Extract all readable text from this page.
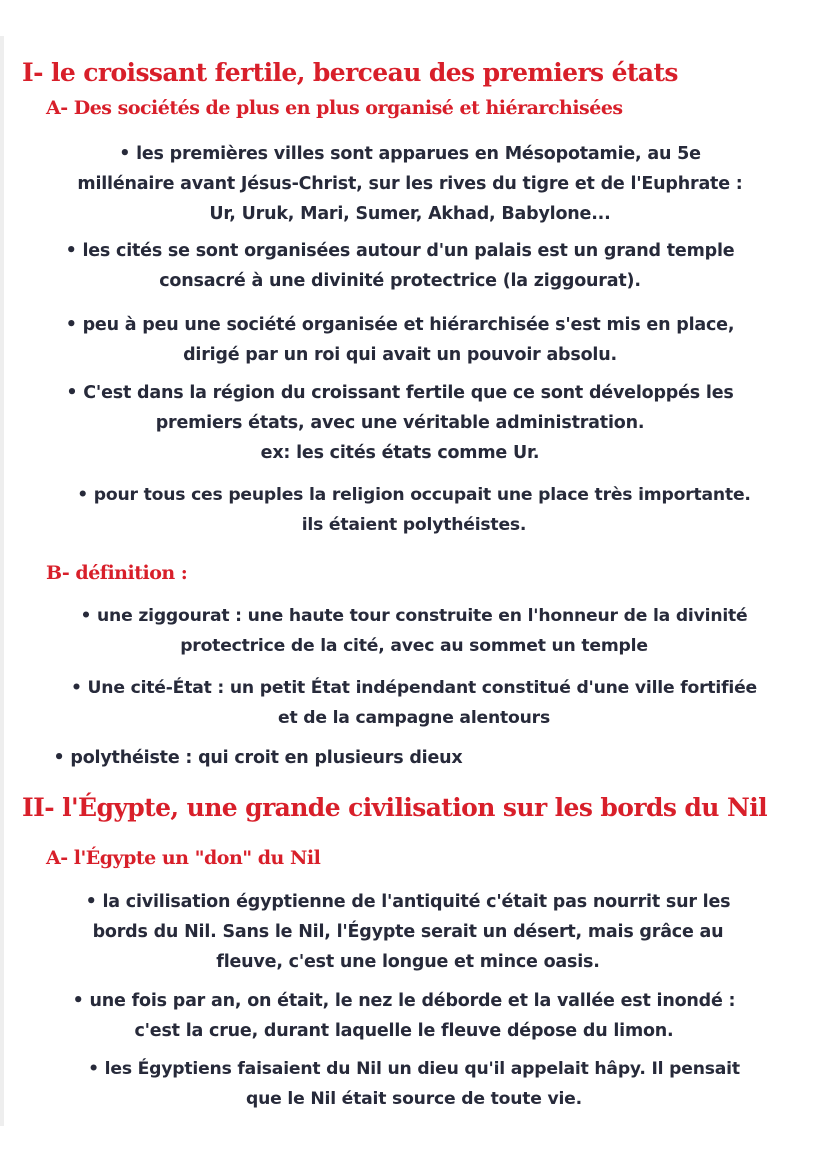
I- le croissant fertile, berceau des premiers états
A- Des sociétés de plus en plus organisé et hiérarchisées
• les premières villes sont apparues en Mésopotamie, au 5e
millénaire avant Jésus-Christ, sur les rives du tigre et de l'Euphrate :
Ur, Uruk, Mari, Sumer, Akhad, Babylone...
• les cités se sont organisées autour d'un palais est un grand temple
consacré à une divinité protectrice (la ziggourat).
• peu à peu une société organisée et hiérarchisée s'est mis en place,
dirigé par un roi qui avait un pouvoir absolu.
• C'est dans la région du croissant fertile que ce sont développés les
premiers états, avec une véritable administration.
ex: les cités états comme Ur.
• pour tous ces peuples la religion occupait une place très importante.
ils étaient polythéistes.
B- définition :
• une ziggourat : une haute tour construite en l'honneur de la divinité
protectrice de la cité, avec au sommet un temple
• Une cité-État : un petit État indépendant constitué d'une ville fortifiée
et de la campagne alentours
• polythéiste : qui croit en plusieurs dieux
II- l'Égypte, une grande civilisation sur les bords du Nil
A- l'Égypte un "don" du Nil
• la civilisation égyptienne de l'antiquité c'était pas nourrit sur les
bords du Nil. Sans le Nil, l'Égypte serait un désert, mais grâce au
fleuve, c'est une longue et mince oasis.
• une fois par an, on était, le nez le déborde et la vallée est inondé :
c'est la crue, durant laquelle le fleuve dépose du limon.
• les Égyptiens faisaient du Nil un dieu qu'il appelait hâpy. Il pensait
que le Nil était source de toute vie.
